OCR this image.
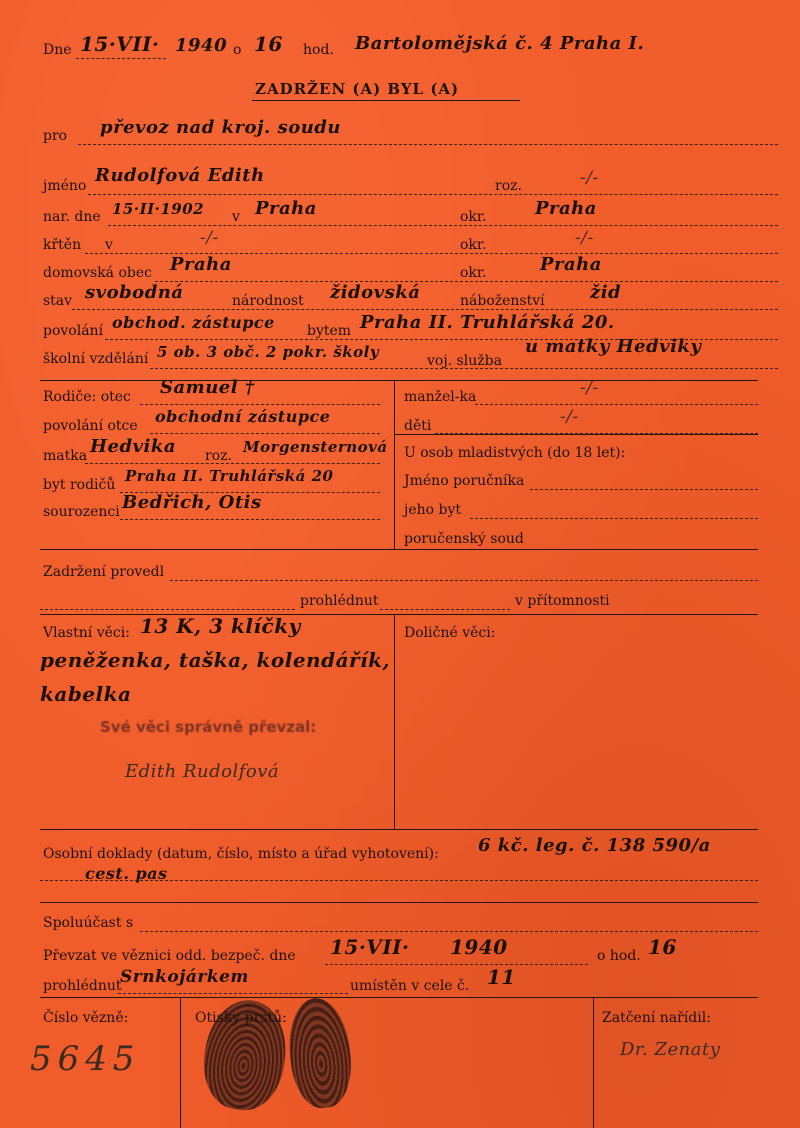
Dne 15·VII· 1940 o 16 hod. Bartolomějská č. 4 Praha I.
ZADRŽEN (A) BYL (A)
pro převoz nad kroj. soudu
jméno Rudolfová Edith	roz.	-/-
nar. dne 15·II·1902 v Praha	okr.	Praha
křtěn v	-/-	okr.	-/-
domovská obec Praha	okr.	Praha
stav svobodná	národnost židovská	náboženství	žid
povolání obchod. zástupce bytem Praha II. Truhlářská 20.
školní vzdělání 5 ob. 3 obč. 2 pokr. školy	voj. služba
u matky Hedviky
Rodiče: otec Samuel †
povolání otce obchodní zástupce
matka Hedvika roz. Morgensternová
byt rodičů Praha II. Truhlářská 20
sourozenci Bedřich, Otis
manžel-ka	-/-
děti	-/-
U osob mladistvých (do 18 let):
Jméno poručníka
jeho byt
poručenský soud
Zadržení provedl
prohlédnut	v přítomnosti
Vlastní věci: 13 K, 3 klíčky
peněženka, taška, kolendářík,
kabelka
Své věci správně převzal:
Edith Rudolfová
Doličné věci:
Osobní doklady (datum, číslo, místo a úřad vyhotovení): 6 kč. leg. č. 138 590/a
cest. pas
Spoluúčast s
Převzat ve věznici odd. bezpeč. dne 15·VII· 1940	o hod. 16
prohlédnut
Srnkojárkem	umístěn v cele č. 11
Číslo vězně:
5645
Otisky prstů:	Zatčení nařídil:
Dr. Zenaty
